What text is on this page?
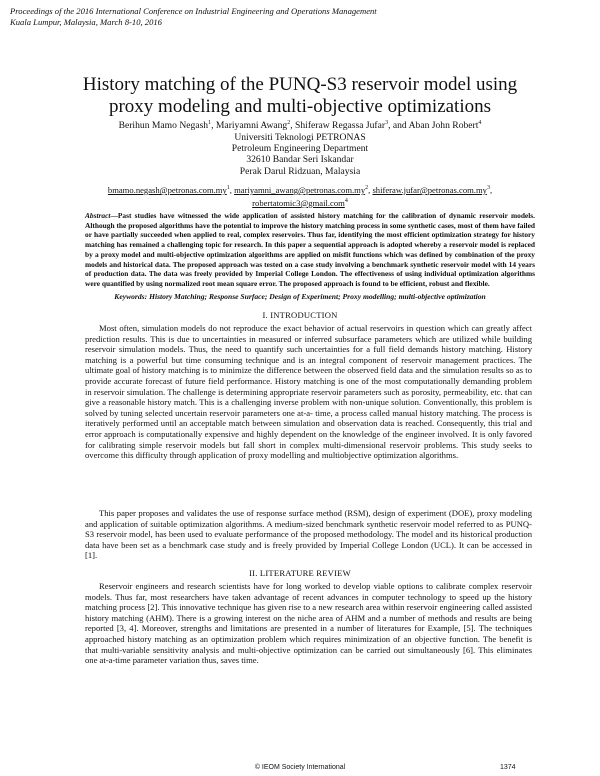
Proceedings of the 2016 International Conference on Industrial Engineering and Operations Management
Kuala Lumpur, Malaysia, March 8-10, 2016
History matching of the PUNQ-S3 reservoir model using
proxy modeling and multi-objective optimizations
Berihun Mamo Negash$^1$, Mariyamni Awang$^2$, Shiferaw Regassa Jufar$^3$, and Aban John Robert$^4$
Universiti Teknologi PETRONAS
Petroleum Engineering Department
32610 Bandar Seri Iskandar
Perak Darul Ridzuan, Malaysia
$bmamo.negash@petronas.com.my^1$, $mariyamni\_awang@petronas.com.my^2$, $shiferaw.jufar@petronas.com.my^3$,
robertatomic3@gmail.com$^4$
Abstract—Past studies have witnessed the wide application of assisted history matching for the calibration of dynamic reservoir models. Although the proposed algorithms have the potential to improve the history matching process in some synthetic cases, most of them have failed or have partially succeeded when applied to real, complex reservoirs. Thus far, identifying the most efficient optimization strategy for history matching has remained a challenging topic for research. In this paper a sequential approach is adopted whereby a reservoir model is replaced by a proxy model and multi-objective optimization algorithms are applied on misfit functions which was defined by combination of the proxy models and historical data. The proposed approach was tested on a case study involving a benchmark synthetic reservoir model with 14 years of production data. The data was freely provided by Imperial College London. The effectiveness of using individual optimization algorithms were quantified by using normalized root mean square error. The proposed approach is found to be efficient, robust and flexible.
Keywords: History Matching; Response Surface; Design of Experiment; Proxy modelling; multi-objective optimization
I. INTRODUCTION
Most often, simulation models do not reproduce the exact behavior of actual reservoirs in question which can greatly affect prediction results. This is due to uncertainties in measured or inferred subsurface parameters which are utilized while building reservoir simulation models. Thus, the need to quantify such uncertainties for a full field demands history matching. History matching is a powerful but time consuming technique and is an integral component of reservoir management practices. The ultimate goal of history matching is to minimize the difference between the observed field data and the simulation results so as to provide accurate forecast of future field performance. History matching is one of the most computationally demanding problem in reservoir simulation. The challenge is determining appropriate reservoir parameters such as porosity, permeability, etc. that can give a reasonable history match. This is a challenging inverse problem with non-unique solution. Conventionally, this problem is solved by tuning selected uncertain reservoir parameters one at-a- time, a process called manual history matching. The process is iteratively performed until an acceptable match between simulation and observation data is reached. Consequently, this trial and error approach is computationally expensive and highly dependent on the knowledge of the engineer involved. It is only favored for calibrating simple reservoir models but fall short in complex multi-dimensional reservoir problems. This study seeks to overcome this difficulty through application of proxy modelling and multiobjective optimization algorithms.
This paper proposes and validates the use of response surface method (RSM), design of experiment (DOE), proxy modeling and application of suitable optimization algorithms. A medium-sized benchmark synthetic reservoir model referred to as PUNQ-S3 reservoir model, has been used to evaluate performance of the proposed methodology. The model and its historical production data have been set as a benchmark case study and is freely provided by Imperial College London (UCL). It can be accessed in [1].
II. LITERATURE REVIEW
Reservoir engineers and research scientists have for long worked to develop viable options to calibrate complex reservoir models. Thus far, most researchers have taken advantage of recent advances in computer technology to speed up the history matching process [2]. This innovative technique has given rise to a new research area within reservoir engineering called assisted history matching (AHM). There is a growing interest on the niche area of AHM and a number of methods and results are being reported [3, 4]. Moreover, strengths and limitations are presented in a number of literatures for Example, [5]. The techniques approached history matching as an optimization problem which requires minimization of an objective function. The benefit is that multi-variable sensitivity analysis and multi-objective optimization can be carried out simultaneously [6]. This eliminates one at-a-time parameter variation thus, saves time.
© IEOM Society International	1374
